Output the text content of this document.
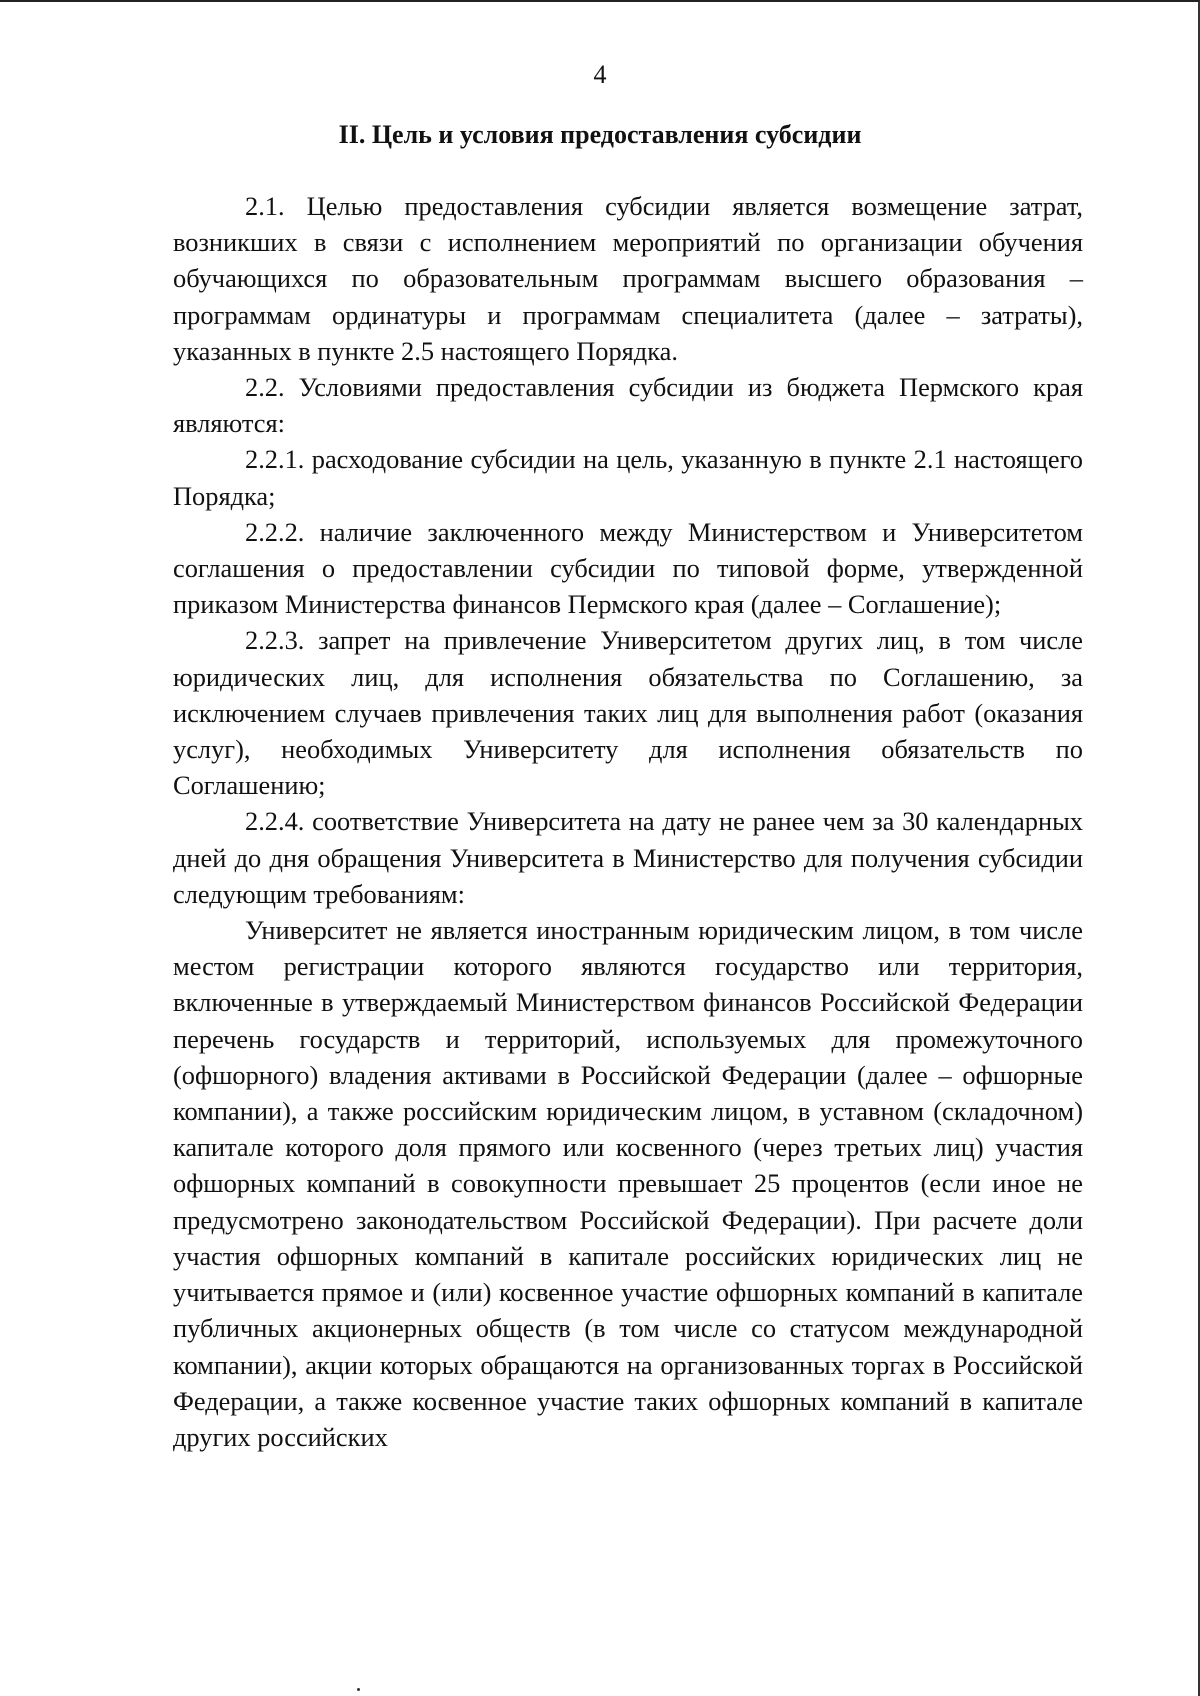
4
II. Цель и условия предоставления субсидии

2.1. Целью предоставления субсидии является возмещение затрат, возникших в связи с исполнением мероприятий по организации обучения обучающихся по образовательным программам высшего образования – программам ординатуры и программам специалитета (далее – затраты), указанных в пункте 2.5 настоящего Порядка.

2.2. Условиями предоставления субсидии из бюджета Пермского края являются:

2.2.1. расходование субсидии на цель, указанную в пункте 2.1 настоящего Порядка;

2.2.2. наличие заключенного между Министерством и Университетом соглашения о предоставлении субсидии по типовой форме, утвержденной приказом Министерства финансов Пермского края (далее – Соглашение);

2.2.3. запрет на привлечение Университетом других лиц, в том числе юридических лиц, для исполнения обязательства по Соглашению, за исключением случаев привлечения таких лиц для выполнения работ (оказания услуг), необходимых Университету для исполнения обязательств по Соглашению;

2.2.4. соответствие Университета на дату не ранее чем за 30 календарных дней до дня обращения Университета в Министерство для получения субсидии следующим требованиям:

Университет не является иностранным юридическим лицом, в том числе местом регистрации которого являются государство или территория, включенные в утверждаемый Министерством финансов Российской Федерации перечень государств и территорий, используемых для промежуточного (офшорного) владения активами в Российской Федерации (далее – офшорные компании), а также российским юридическим лицом, в уставном (складочном) капитале которого доля прямого или косвенного (через третьих лиц) участия офшорных компаний в совокупности превышает 25 процентов (если иное не предусмотрено законодательством Российской Федерации). При расчете доли участия офшорных компаний в капитале российских юридических лиц не учитывается прямое и (или) косвенное участие офшорных компаний в капитале публичных акционерных обществ (в том числе со статусом международной компании), акции которых обращаются на организованных торгах в Российской Федерации, а также косвенное участие таких офшорных компаний в капитале других российских
